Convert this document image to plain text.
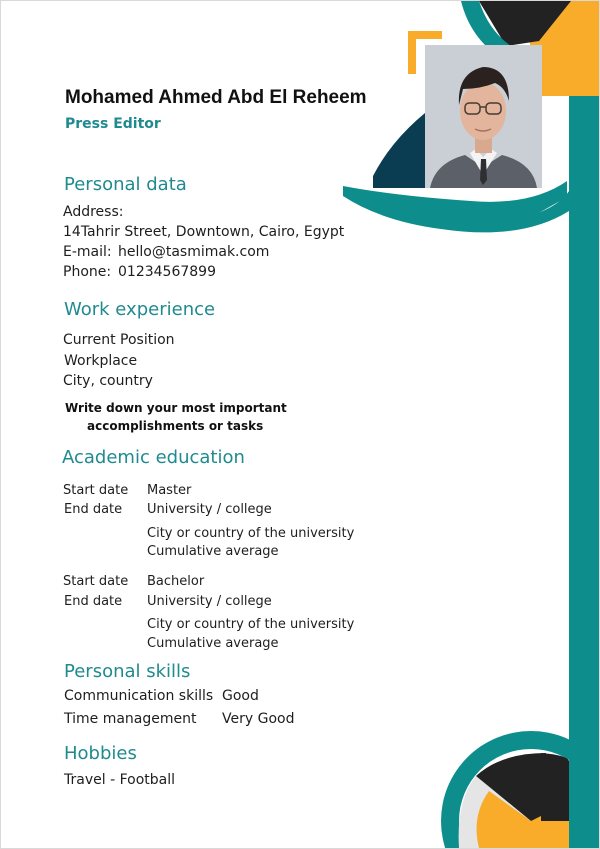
Mohamed Ahmed Abd El Reheem
Press Editor
Personal data
Address:
14Tahrir Street, Downtown, Cairo, Egypt
E-mail: hello@tasmimak.com
Phone: 01234567899
Work experience
Current Position
Workplace
City, country
Write down your most important
accomplishments or tasks
Academic education
Start date Master
End date University / college
City or country of the university
Cumulative average
Start date Bachelor
End date University / college
City or country of the university
Cumulative average
Personal skills
Communication skills Good
Time management Very Good
Hobbies
Travel - Football
